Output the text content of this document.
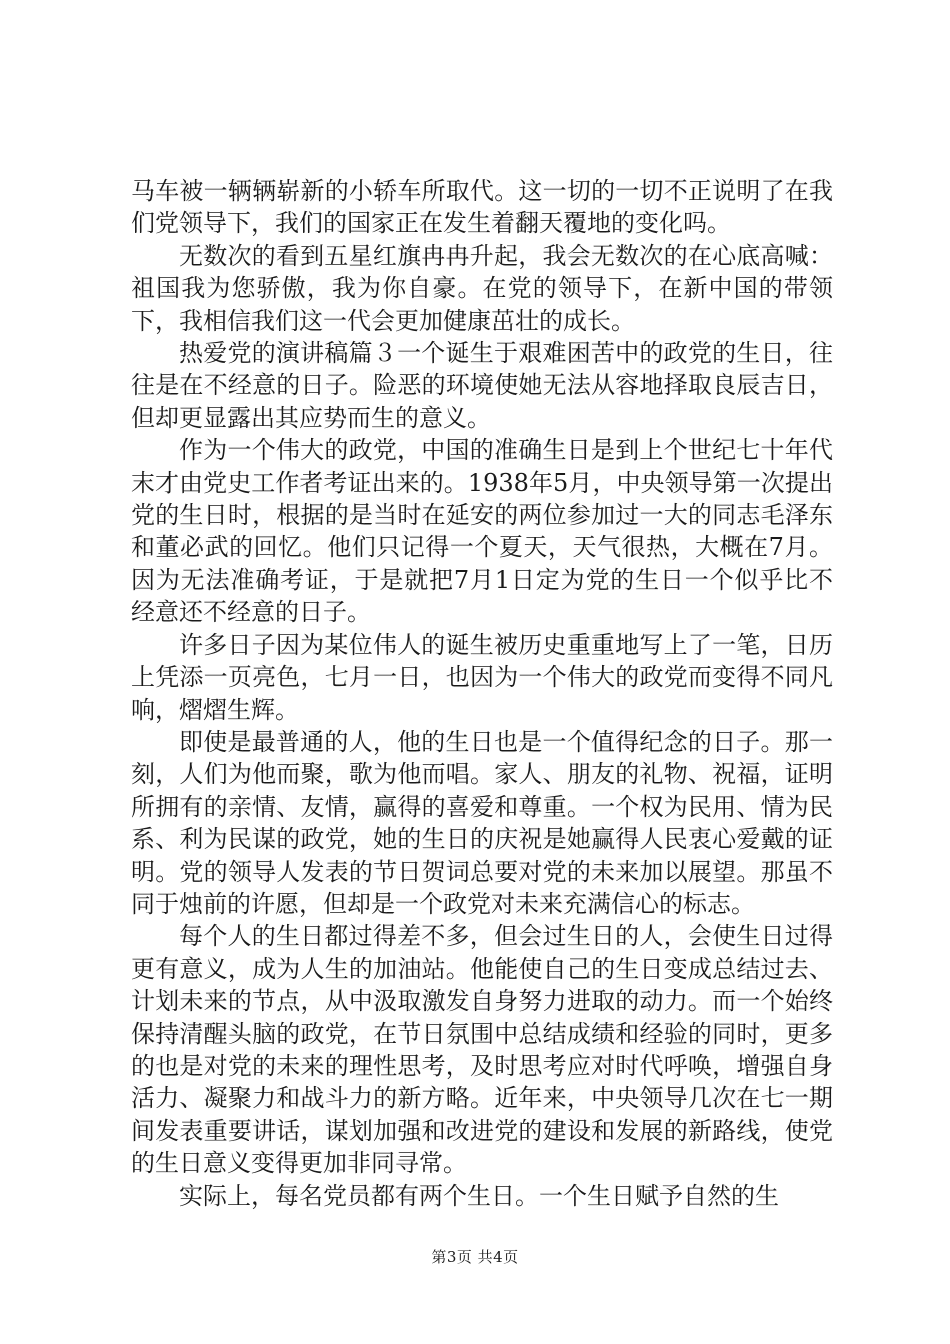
马车被一辆辆崭新的小轿车所取代。这一切的一切不正说明了在我们党领导下，我们的国家正在发生着翻天覆地的变化吗。

无数次的看到五星红旗冉冉升起，我会无数次的在心底高喊：祖国我为您骄傲，我为你自豪。在党的领导下，在新中国的带领下，我相信我们这一代会更加健康茁壮的成长。

热爱党的演讲稿篇３一个诞生于艰难困苦中的政党的生日，往往是在不经意的日子。险恶的环境使她无法从容地择取良辰吉日，但却更显露出其应势而生的意义。

作为一个伟大的政党，中国的准确生日是到上个世纪七十年代末才由党史工作者考证出来的。1938年5月，中央领导第一次提出党的生日时，根据的是当时在延安的两位参加过一大的同志毛泽东和董必武的回忆。他们只记得一个夏天，天气很热，大概在7月。因为无法准确考证，于是就把7月1日定为党的生日一个似乎比不经意还不经意的日子。

许多日子因为某位伟人的诞生被历史重重地写上了一笔，日历上凭添一页亮色，七月一日，也因为一个伟大的政党而变得不同凡响，熠熠生辉。

即使是最普通的人，他的生日也是一个值得纪念的日子。那一刻，人们为他而聚，歌为他而唱。家人、朋友的礼物、祝福，证明所拥有的亲情、友情，赢得的喜爱和尊重。一个权为民用、情为民系、利为民谋的政党，她的生日的庆祝是她赢得人民衷心爱戴的证明。党的领导人发表的节日贺词总要对党的未来加以展望。那虽不同于烛前的许愿，但却是一个政党对未来充满信心的标志。

每个人的生日都过得差不多，但会过生日的人，会使生日过得更有意义，成为人生的加油站。他能使自己的生日变成总结过去、计划未来的节点，从中汲取激发自身努力进取的动力。而一个始终保持清醒头脑的政党，在节日氛围中总结成绩和经验的同时，更多的也是对党的未来的理性思考，及时思考应对时代呼唤，增强自身活力、凝聚力和战斗力的新方略。近年来，中央领导几次在七一期间发表重要讲话，谋划加强和改进党的建设和发展的新路线，使党的生日意义变得更加非同寻常。

实际上，每名党员都有两个生日。一个生日赋予自然的生

第3页 共4页
